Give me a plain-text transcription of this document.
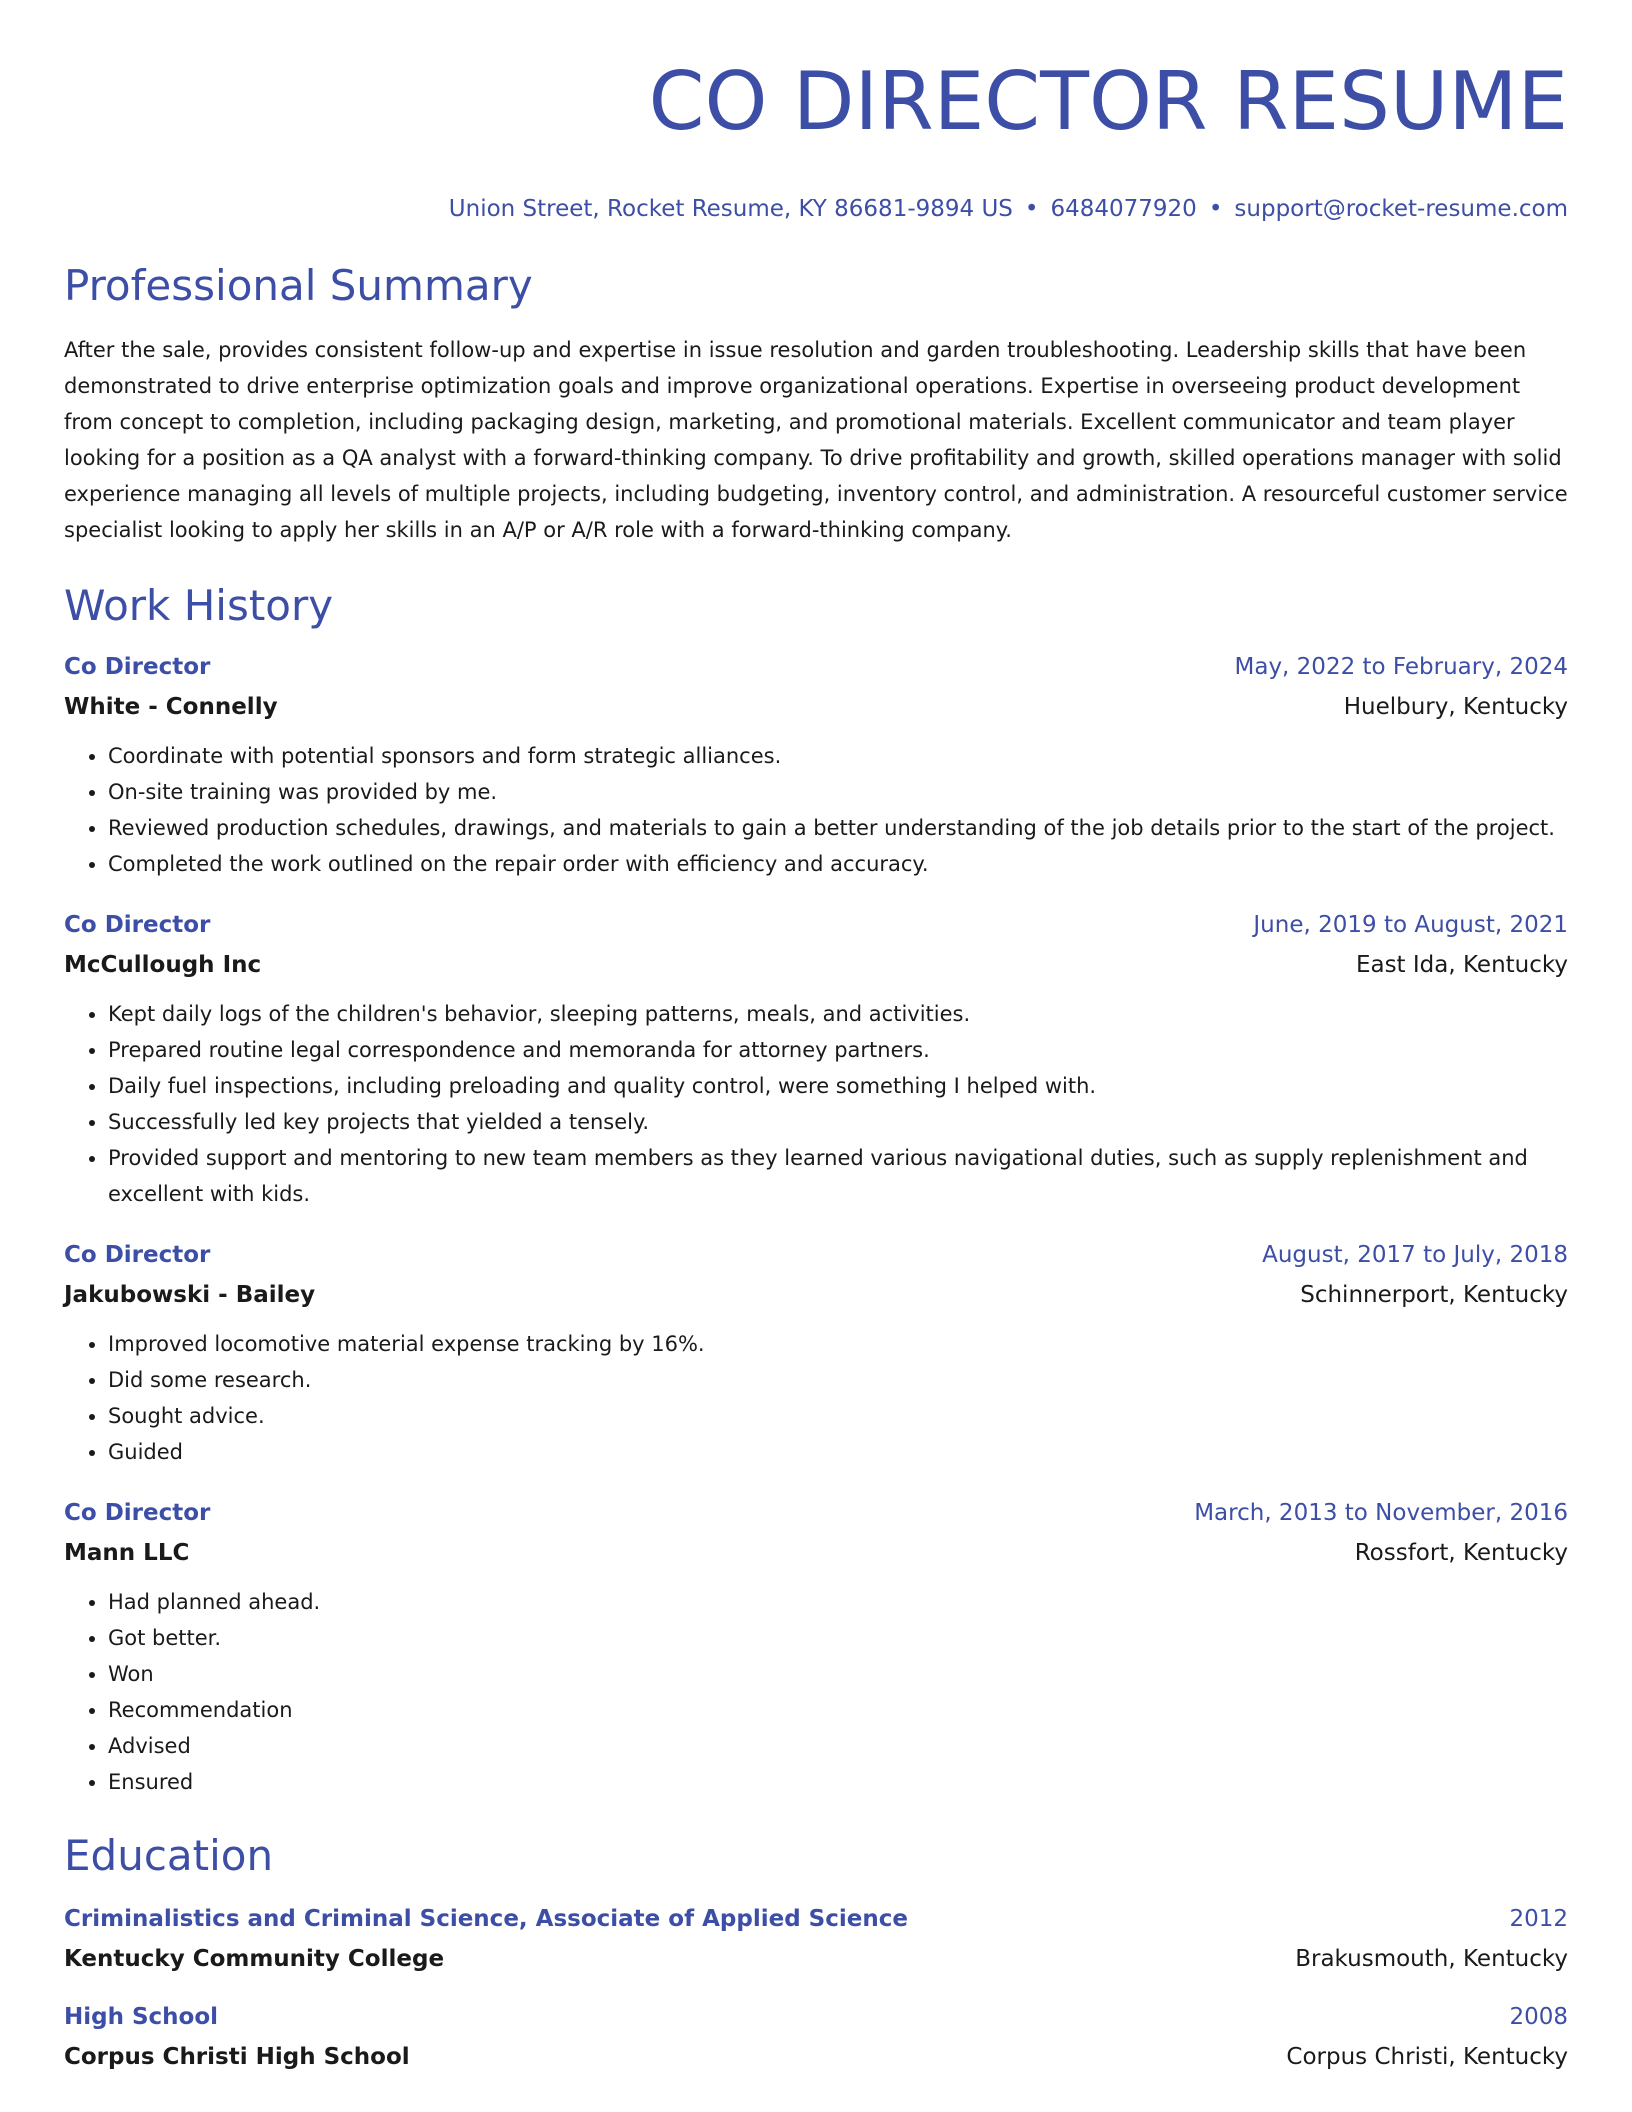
CO DIRECTOR RESUME
Union Street, Rocket Resume, KY 86681-9894 US • 6484077920 • support@rocket-resume.com
Professional Summary
After the sale, provides consistent follow-up and expertise in issue resolution and garden troubleshooting. Leadership skills that have been demonstrated to drive enterprise optimization goals and improve organizational operations. Expertise in overseeing product development from concept to completion, including packaging design, marketing, and promotional materials. Excellent communicator and team player looking for a position as a QA analyst with a forward-thinking company. To drive profitability and growth, skilled operations manager with solid experience managing all levels of multiple projects, including budgeting, inventory control, and administration. A resourceful customer service specialist looking to apply her skills in an A/P or A/R role with a forward-thinking company.
Work History
Co Director	May, 2022 to February, 2024
White - Connelly	Huelbury, Kentucky
• Coordinate with potential sponsors and form strategic alliances.
• On-site training was provided by me.
• Reviewed production schedules, drawings, and materials to gain a better understanding of the job details prior to the start of the project.
• Completed the work outlined on the repair order with efficiency and accuracy.
Co Director	June, 2019 to August, 2021
McCullough Inc	East Ida, Kentucky
• Kept daily logs of the children's behavior, sleeping patterns, meals, and activities.
• Prepared routine legal correspondence and memoranda for attorney partners.
• Daily fuel inspections, including preloading and quality control, were something I helped with.
• Successfully led key projects that yielded a tensely.
• Provided support and mentoring to new team members as they learned various navigational duties, such as supply replenishment and excellent with kids.
Co Director	August, 2017 to July, 2018
Jakubowski - Bailey	Schinnerport, Kentucky
• Improved locomotive material expense tracking by 16%.
• Did some research.
• Sought advice.
• Guided
Co Director	March, 2013 to November, 2016
Mann LLC	Rossfort, Kentucky
• Had planned ahead.
• Got better.
• Won
• Recommendation
• Advised
• Ensured
Education
Criminalistics and Criminal Science, Associate of Applied Science	2012
Kentucky Community College	Brakusmouth, Kentucky
High School	2008
Corpus Christi High School	Corpus Christi, Kentucky
